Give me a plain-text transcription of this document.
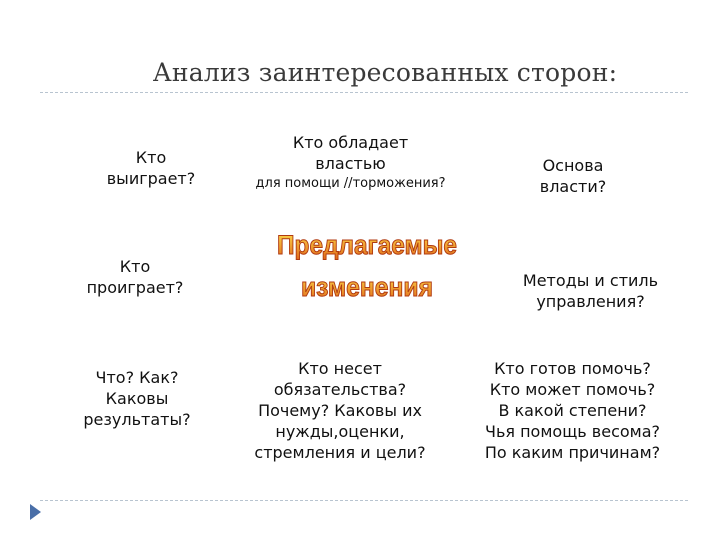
Анализ заинтересованных сторон:
Кто
выиграет?
Кто обладает
властью
для помощи //торможения?
Основа
власти?
Кто
проиграет?
Предлагаемые
изменения	Методы и стиль
управления?
Что? Как?
Каковы
результаты?
Кто несет
обязательства?
Почему? Каковы их
нужды,оценки,
стремления и цели?
Кто готов помочь?
Кто может помочь?
В какой степени?
Чья помощь весома?
По каким причинам?
